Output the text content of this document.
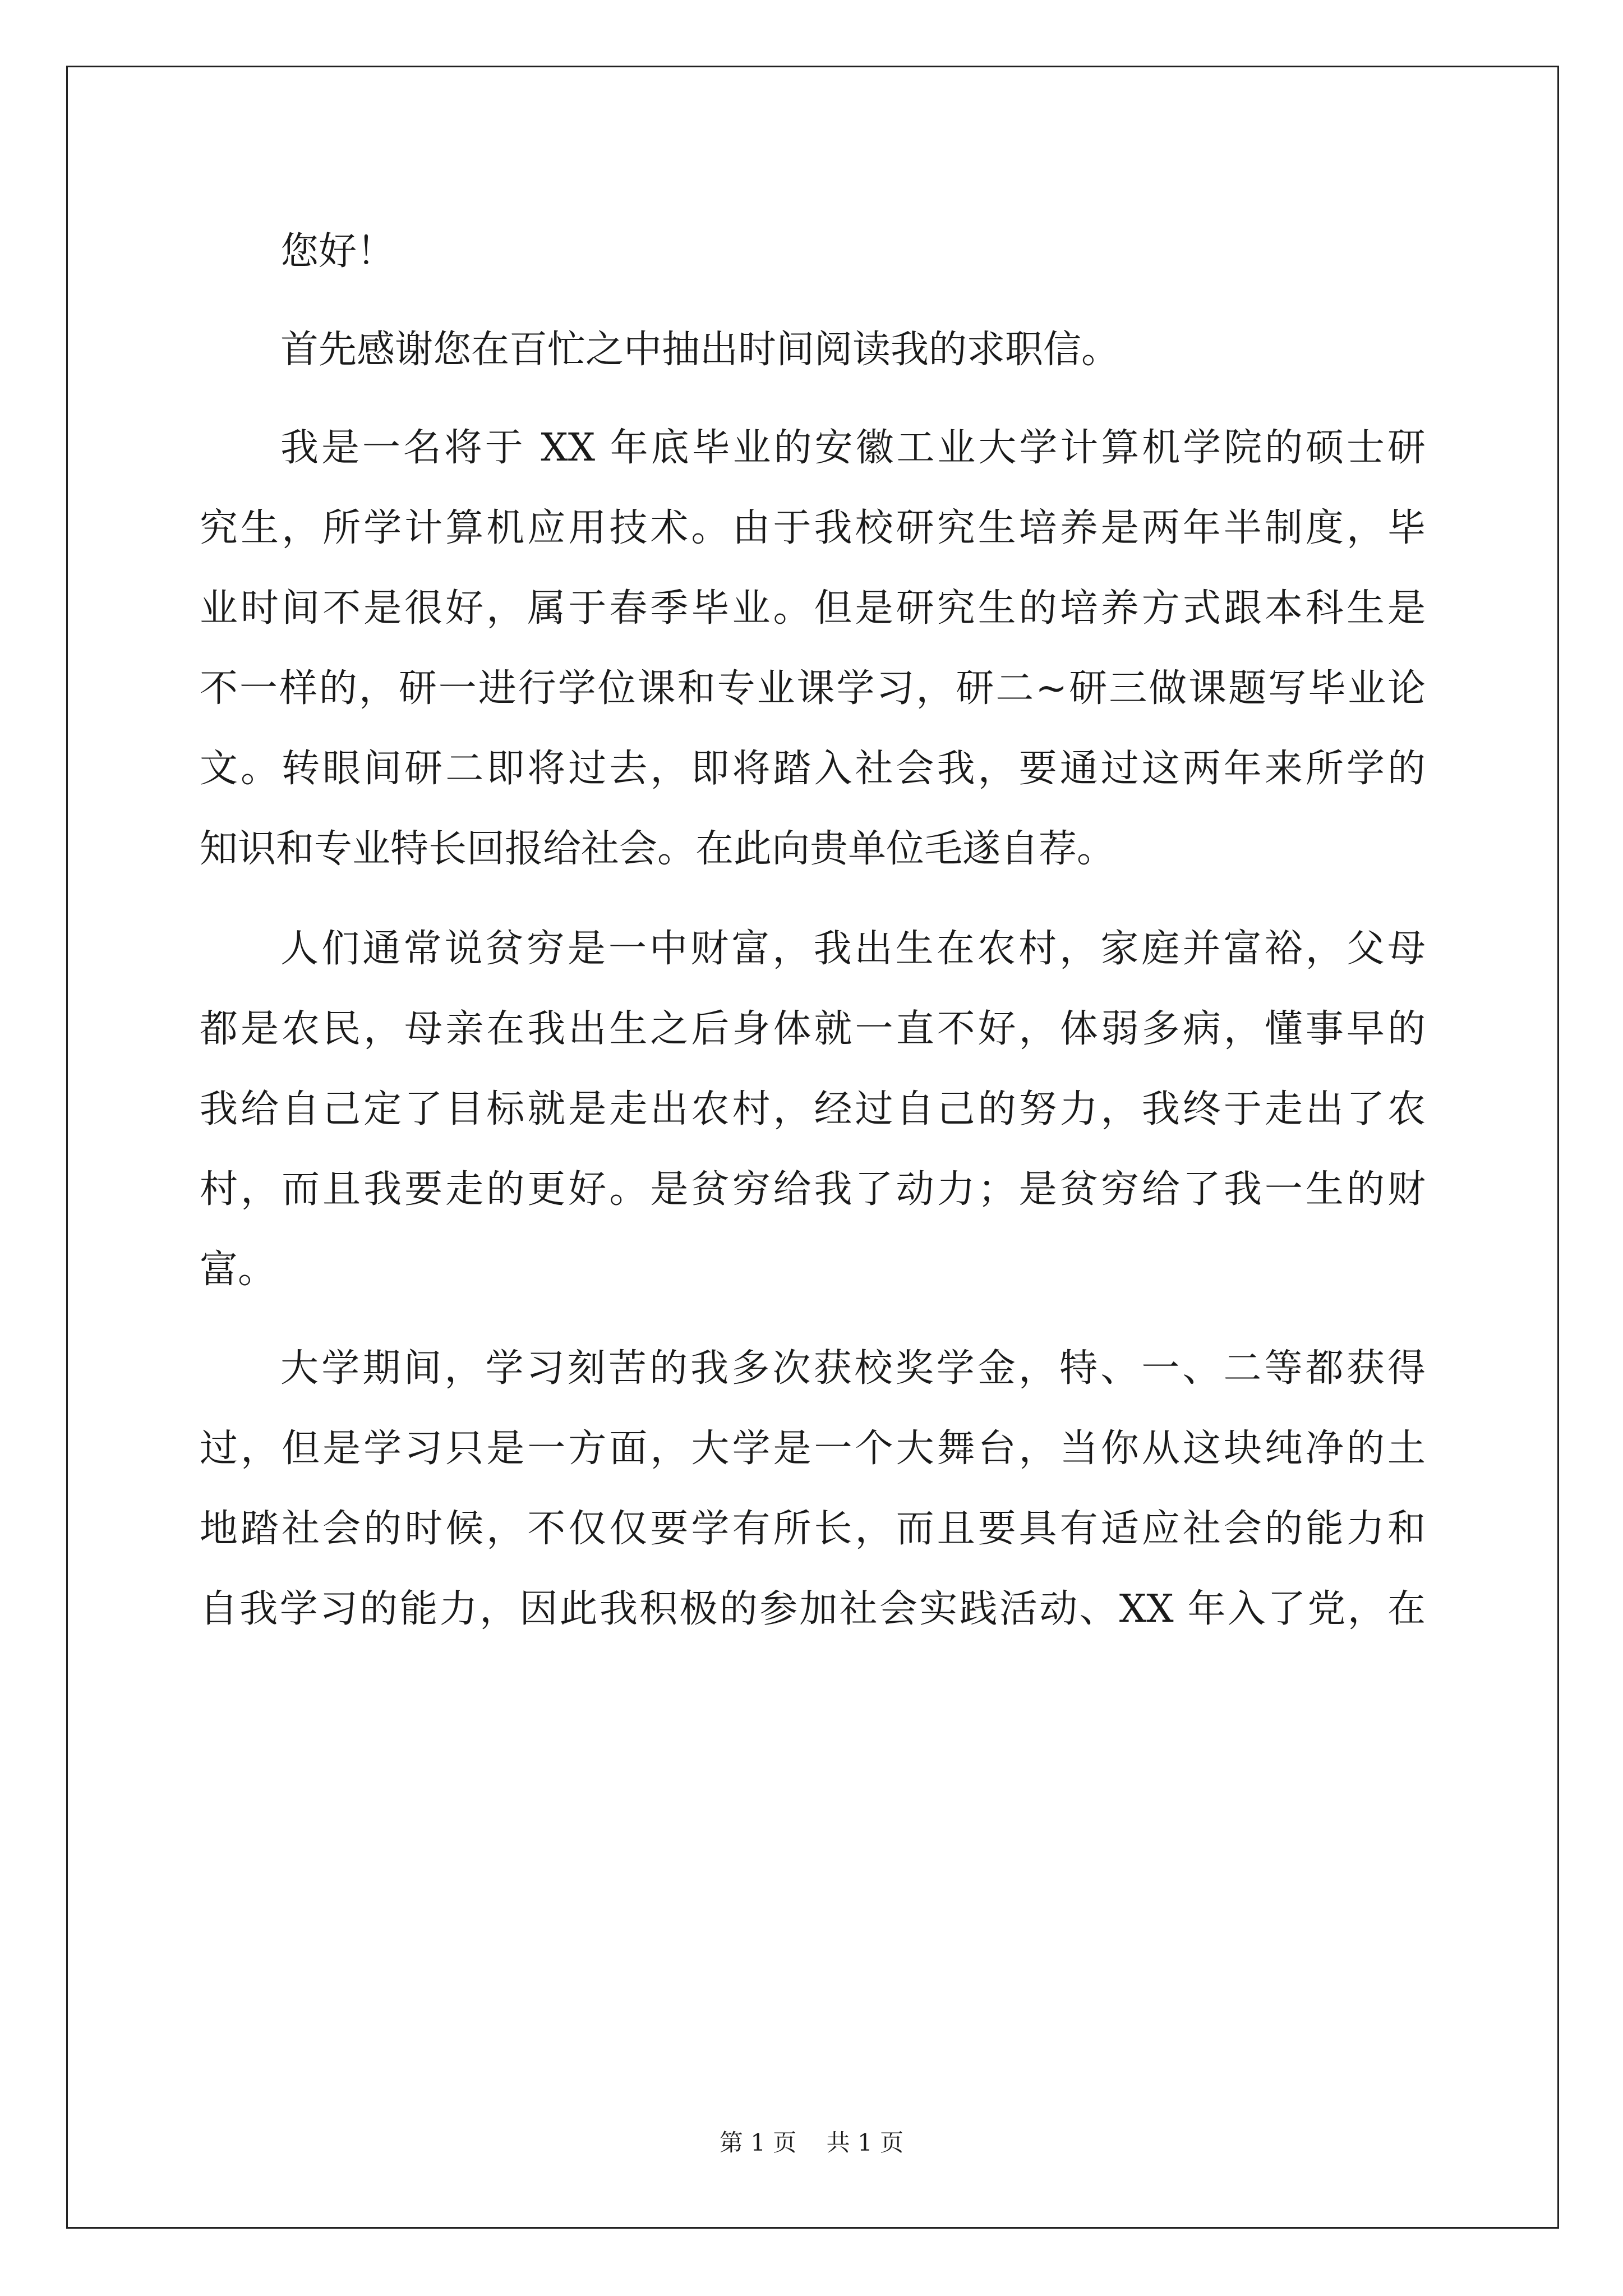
您好！
首先感谢您在百忙之中抽出时间阅读我的求职信。
我是一名将于 XX 年底毕业的安徽工业大学计算机学院的硕士研
究生，所学计算机应用技术。由于我校研究生培养是两年半制度，毕
业时间不是很好，属于春季毕业。但是研究生的培养方式跟本科生是
不一样的，研一进行学位课和专业课学习，研二~研三做课题写毕业论
文。转眼间研二即将过去，即将踏入社会我，要通过这两年来所学的
知识和专业特长回报给社会。在此向贵单位毛遂自荐。
人们通常说贫穷是一中财富，我出生在农村，家庭并富裕，父母
都是农民，母亲在我出生之后身体就一直不好，体弱多病，懂事早的
我给自己定了目标就是走出农村，经过自己的努力，我终于走出了农
村，而且我要走的更好。是贫穷给我了动力；是贫穷给了我一生的财
富。
大学期间，学习刻苦的我多次获校奖学金，特、一、二等都获得
过，但是学习只是一方面，大学是一个大舞台，当你从这块纯净的土
地踏社会的时候，不仅仅要学有所长，而且要具有适应社会的能力和
自我学习的能力，因此我积极的参加社会实践活动、XX 年入了党，在
第 1 页 共 1 页
